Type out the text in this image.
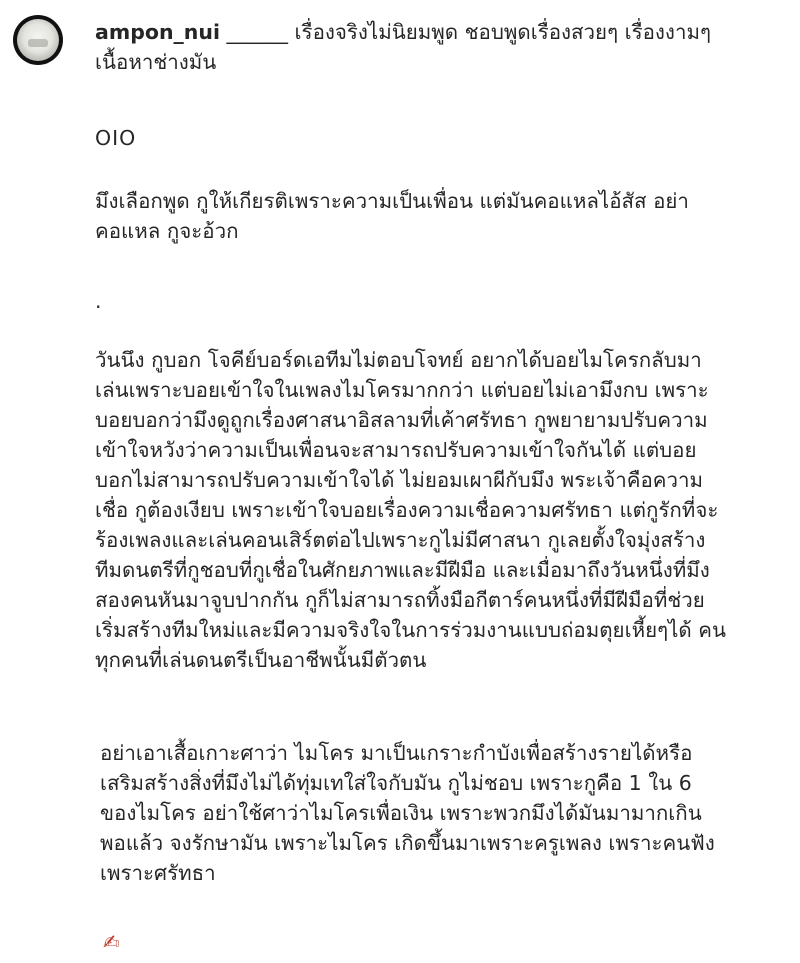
ampon_nui ______ เรื่องจริงไม่นิยมพูด ชอบพูดเรื่องสวยๆ เรื่องงามๆ
เนื้อหาช่างมัน
OIO
มึงเลือกพูด กูให้เกียรติเพราะความเป็นเพื่อน แต่มันคอแหลไอ้สัส อย่า
คอแหล กูจะอ้วก
.
วันนึง กูบอก โจคีย์บอร์ดเอทีมไม่ตอบโจทย์ อยากได้บอยไมโครกลับมา
เล่นเพราะบอยเข้าใจในเพลงไมโครมากกว่า แต่บอยไม่เอามึงกบ เพราะ
บอยบอกว่ามึงดูถูกเรื่องศาสนาอิสลามที่เค้าศรัทธา กูพยายามปรับความ
เข้าใจหวังว่าความเป็นเพื่อนจะสามารถปรับความเข้าใจกันได้ แต่บอย
บอกไม่สามารถปรับความเข้าใจได้ ไม่ยอมเผาผีกับมึง พระเจ้าคือความ
เชื่อ กูต้องเงียบ เพราะเข้าใจบอยเรื่องความเชื่อความศรัทธา แต่กูรักที่จะ
ร้องเพลงและเล่นคอนเสิร์ตต่อไปเพราะกูไม่มีศาสนา กูเลยตั้งใจมุ่งสร้าง
ทีมดนตรีที่กูชอบที่กูเชื่อในศักยภาพและมีฝีมือ และเมื่อมาถึงวันหนึ่งที่มึง
สองคนหันมาจูบปากกัน กูก็ไม่สามารถทิ้งมือกีตาร์คนหนึ่งที่มีฝีมือที่ช่วย
เริ่มสร้างทีมใหม่และมีความจริงใจในการร่วมงานแบบถ่อมตุยเหี้ยๆได้ คน
ทุกคนที่เล่นดนตรีเป็นอาชีพนั้นมีตัวตน
อย่าเอาเสื้อเกาะศาว่า ไมโคร มาเป็นเกราะกำบังเพื่อสร้างรายได้หรือ
เสริมสร้างสิ่งที่มึงไม่ได้ทุ่มเทใส่ใจกับมัน กูไม่ชอบ เพราะกูคือ 1 ใน 6
ของไมโคร อย่าใช้ศาว่าไมโครเพื่อเงิน เพราะพวกมึงได้มันมามากเกิน
พอแล้ว จงรักษามัน เพราะไมโคร เกิดขึ้นมาเพราะครูเพลง เพราะคนฟัง
เพราะศรัทธา
✍
